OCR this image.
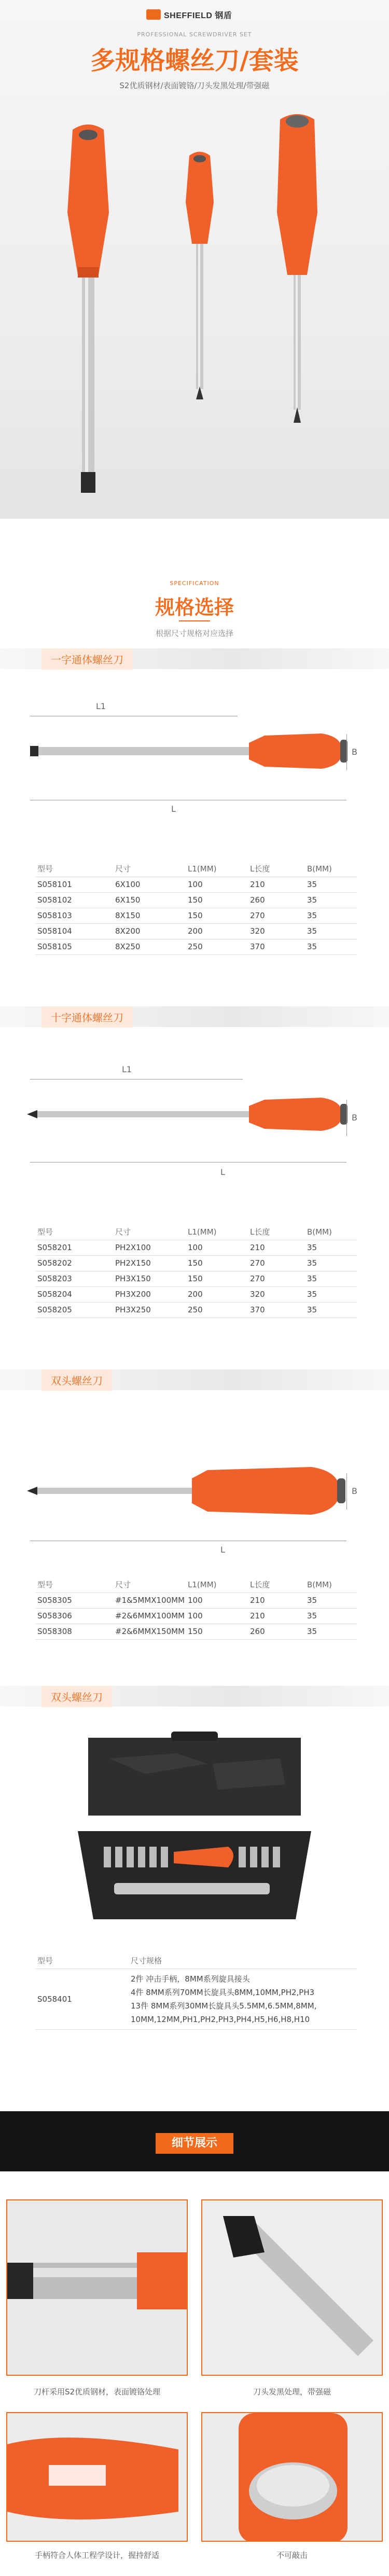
SHEFFIELD 钢盾
PROFESSIONAL SCREWDRIVER SET
多规格螺丝刀/套装
S2优质钢材/表面镀铬/刀头发黑处理/带强磁
SPECIFICATION
规格选择
根据尺寸规格对应选择
一字通体螺丝刀
L1
L
B
型号	尺寸	L1(MM)	L长度	B(MM)
S058101	6X100	100	210	35
S058102	6X150	150	260	35
S058103	8X150	150	270	35
S058104	8X200	200	320	35
S058105	8X250	250	370	35
十字通体螺丝刀
L1
L
B
型号	尺寸	L1(MM)	L长度	B(MM)
S058201	PH2X100	100	210	35
S058202	PH2X150	150	270	35
S058203	PH3X150	150	270	35
S058204	PH3X200	200	320	35
S058205	PH3X250	250	370	35
双头螺丝刀
L
B
型号	尺寸	L1(MM)	L长度	B(MM)
S058305	#1&5MMX100MM	100	210	35
S058306	#2&6MMX100MM	100	210	35
S058308	#2&6MMX150MM	150	260	35
双头螺丝刀
型号	尺寸规格
S058401	2件 冲击手柄，8MM系列旋具接头
4件 8MM系列70MM长旋具头8MM,10MM,PH2,PH3
13件 8MM系列30MM长旋具头5.5MM,6.5MM,8MM,
10MM,12MM,PH1,PH2,PH3,PH4,H5,H6,H8,H10
细节展示
刀杆采用S2优质钢材，表面镀铬处理	刀头发黑处理，带强磁
手柄符合人体工程学设计，握持舒适	不可敲击
